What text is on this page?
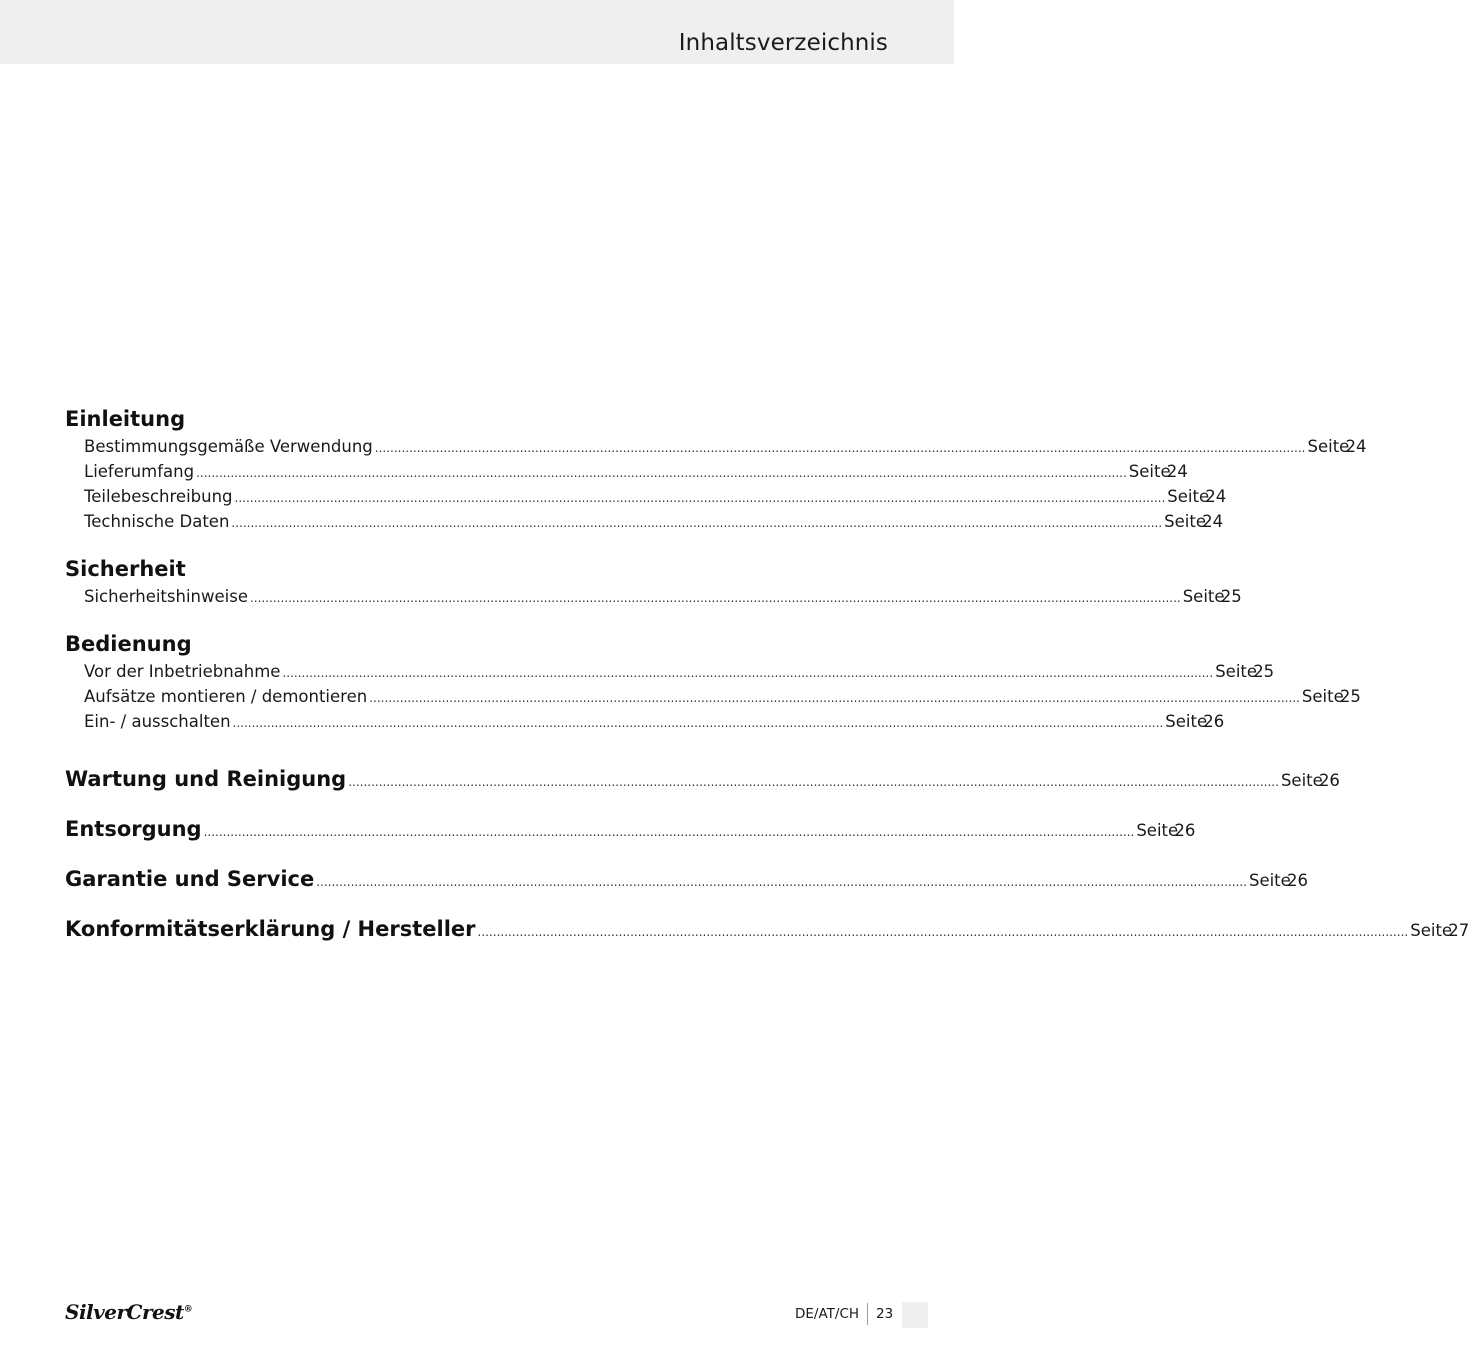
Inhaltsverzeichnis
Einleitung
Bestimmungsgemäße Verwendung .................................................................................................................................................................................................................................................... Seite
24
Lieferumfang .................................................................................................................................................................................................................................................... Seite
24
Teilebeschreibung .................................................................................................................................................................................................................................................... Seite
24
Technische Daten .................................................................................................................................................................................................................................................... Seite
24
Sicherheit
Sicherheitshinweise .................................................................................................................................................................................................................................................... Seite
25
Bedienung
Vor der Inbetriebnahme .................................................................................................................................................................................................................................................... Seite
25
Aufsätze montieren / demontieren .................................................................................................................................................................................................................................................... Seite
25
Ein- / ausschalten .................................................................................................................................................................................................................................................... Seite
26
Wartung und Reinigung .................................................................................................................................................................................................................................................... Seite
26
Entsorgung .................................................................................................................................................................................................................................................... Seite
26
Garantie und Service .................................................................................................................................................................................................................................................... Seite
26
Konformitätserklärung / Hersteller .................................................................................................................................................................................................................................................... Seite
27
SilverCrest®	DE/AT/CH 23
